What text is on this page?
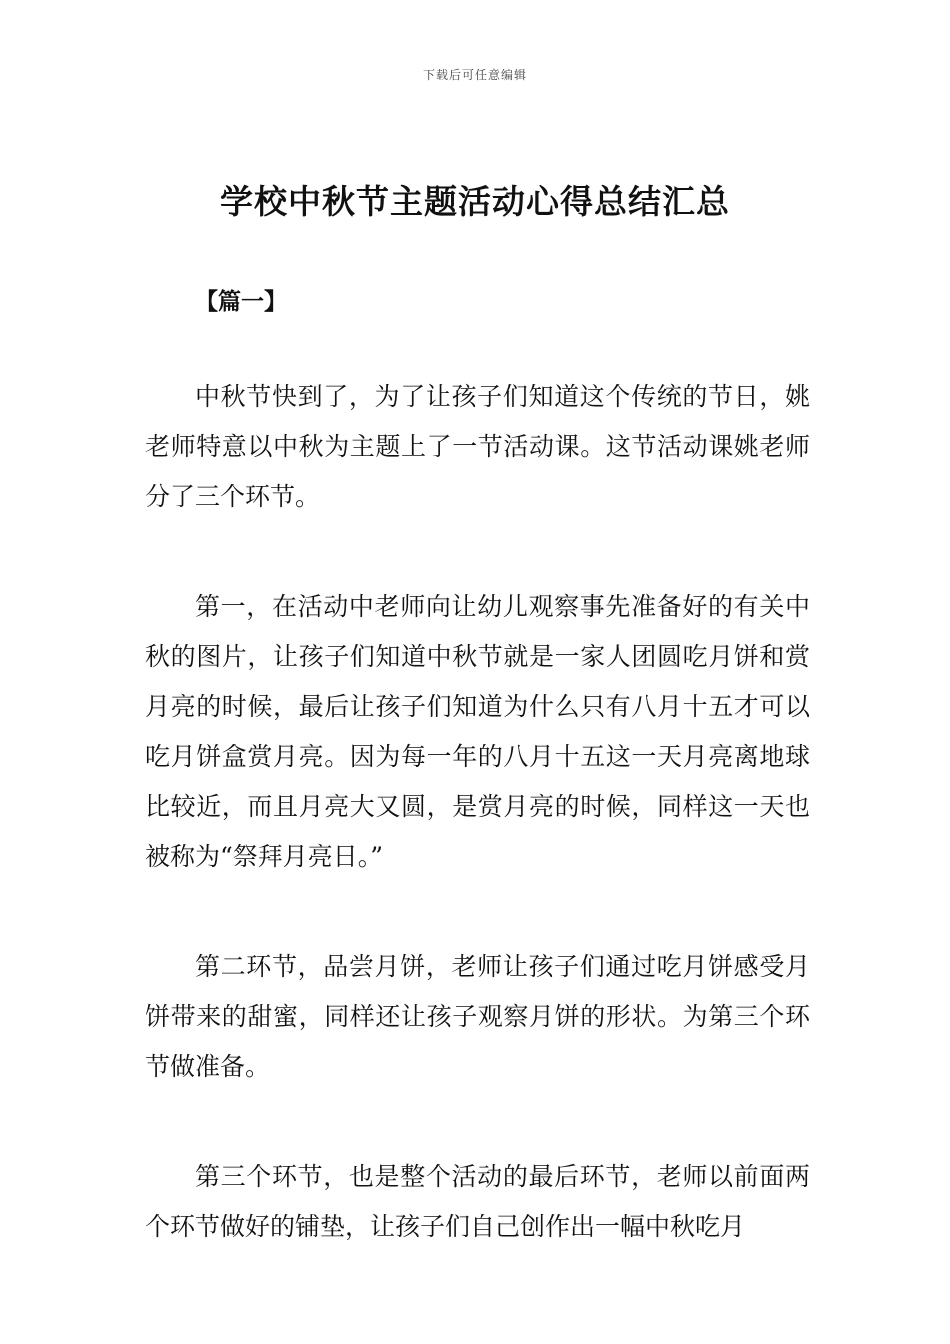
下载后可任意编辑
学校中秋节主题活动心得总结汇总
【篇一】

中秋节快到了，为了让孩子们知道这个传统的节日，姚老师特意以中秋为主题上了一节活动课。这节活动课姚老师分了三个环节。

第一，在活动中老师向让幼儿观察事先准备好的有关中秋的图片，让孩子们知道中秋节就是一家人团圆吃月饼和赏月亮的时候，最后让孩子们知道为什么只有八月十五才可以吃月饼盒赏月亮。因为每一年的八月十五这一天月亮离地球比较近，而且月亮大又圆，是赏月亮的时候，同样这一天也被称为“祭拜月亮日。”

第二环节，品尝月饼，老师让孩子们通过吃月饼感受月饼带来的甜蜜，同样还让孩子观察月饼的形状。为第三个环节做准备。

第三个环节，也是整个活动的最后环节，老师以前面两个环节做好的铺垫，让孩子们自己创作出一幅中秋吃月
